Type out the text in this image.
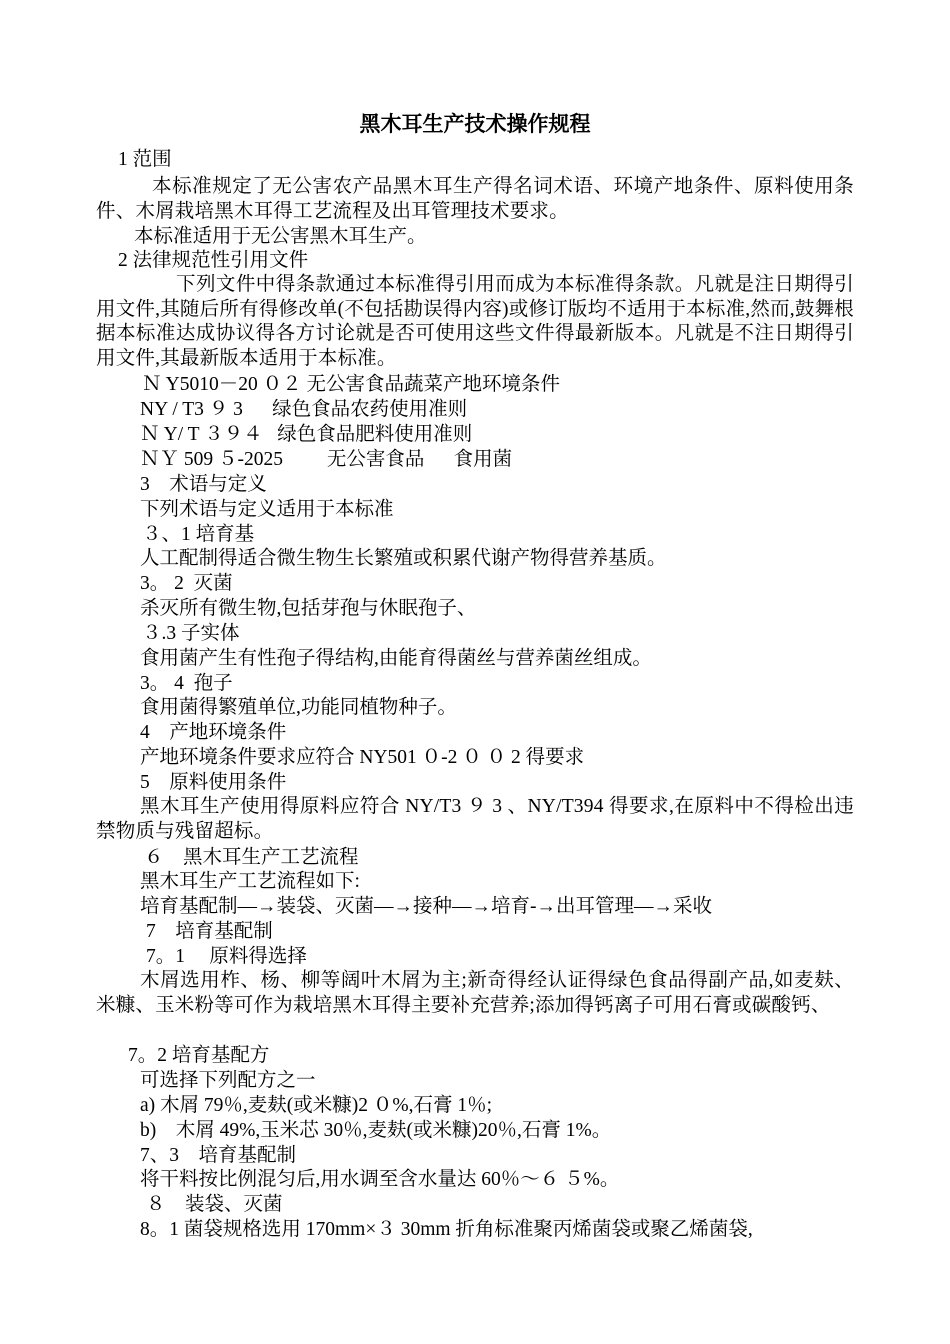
黑木耳生产技术操作规程
1 范围
本标准规定了无公害农产品黑木耳生产得名词术语、环境产地条件、原料使用条件、木屑栽培黑木耳得工艺流程及出耳管理技术要求。
本标准适用于无公害黑木耳生产。
2 法律规范性引用文件
下列文件中得条款通过本标准得引用而成为本标准得条款。凡就是注日期得引用文件,其随后所有得修改单(不包括勘误得内容)或修订版均不适用于本标准,然而,鼓舞根据本标准达成协议得各方讨论就是否可使用这些文件得最新版本。凡就是不注日期得引用文件,其最新版本适用于本标准。
Ｎ Y5010－20 ０２ 无公害食品蔬菜产地环境条件
NY / T3 ９ 3      绿色食品农药使用准则
Ｎ Y/ T ３９４   绿色食品肥料使用准则
ＮＹ 509 ５-2025         无公害食品      食用菌
3    术语与定义
下列术语与定义适用于本标准
３、1 培育基
人工配制得适合微生物生长繁殖或积累代谢产物得营养基质。
3。 2  灭菌
杀灭所有微生物,包括芽孢与休眠孢子、
３.3 子实体
食用菌产生有性孢子得结构,由能育得菌丝与营养菌丝组成。
3。 4  孢子
食用菌得繁殖单位,功能同植物种子。
4    产地环境条件
产地环境条件要求应符合 NY501 ０-2 ０ ０ 2 得要求
5    原料使用条件
黑木耳生产使用得原料应符合 NY/T3 ９ 3 、NY/T394 得要求,在原料中不得检出违禁物质与残留超标。
６    黑木耳生产工艺流程
黑木耳生产工艺流程如下:
培育基配制—→装袋、灭菌—→接种—→培育-→出耳管理—→采收
7    培育基配制
7。1     原料得选择
木屑选用柞、杨、柳等阔叶木屑为主;新奇得经认证得绿色食品得副产品,如麦麸、米糠、玉米粉等可作为栽培黑木耳得主要补充营养;添加得钙离子可用石膏或碳酸钙、
7。2 培育基配方
可选择下列配方之一
a) 木屑 79％,麦麸(或米糠)2 ０%,石膏 1％;
b)    木屑 49%,玉米芯 30％,麦麸(或米糠)20％,石膏 1%。
7、3    培育基配制
将干料按比例混匀后,用水调至含水量达 60％～６ ５%。
８    装袋、灭菌
8。1 菌袋规格选用 170mm×３ 30mm 折角标准聚丙烯菌袋或聚乙烯菌袋,
